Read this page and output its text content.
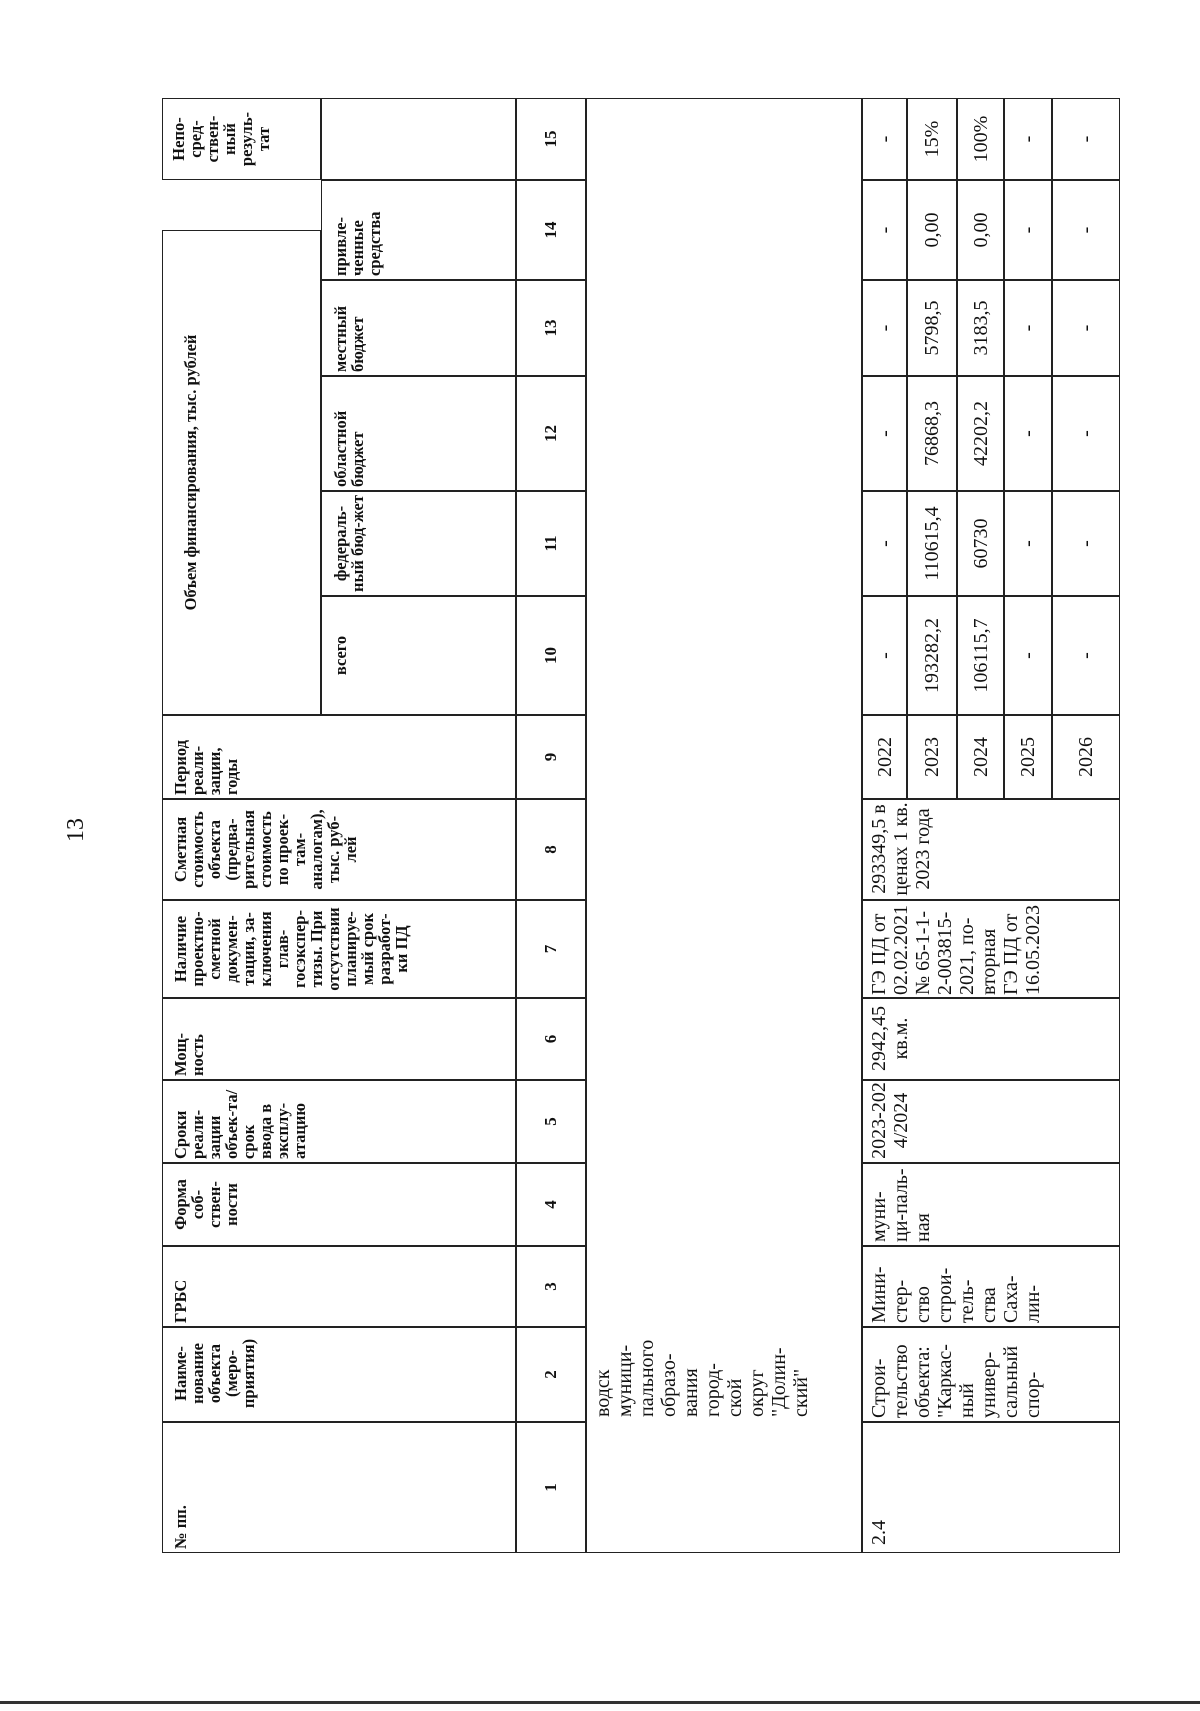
13
№ пп.
Наиме-нование объекта (меро-приятия)
ГРБС
Форма соб-ствен-ности
Сроки реали-зации объек-та/срок ввода в эксплу-атацию
Мощ-ность
Наличие проектно-сметной докумен-тации, за-ключения глав-госэкспер-тизы. При отсутствии планируе-мый срок разработ-ки ПД
Сметная стоимость объекта (предва-рительная стоимость по проек-там-аналогам), тыс. руб-лей
Период реали-зации, годы
Объем финансирования, тыс. рублей
всего
федераль-ный бюд-жет
областной бюджет
местный бюджет
привле-ченные средства
Непо-сред-ствен-ный резуль-тат
1
2
3
4
5
6
7
8
9
10
11
12
13
14
15
водск муници-пального образо-вания город-ской округ "Долин-ский"
2.4
Строи-тельство объекта: "Каркас-ный универ-сальный спор-
Мини-стер-ство строи-тель-ства Саха-лин-
муни-ци-паль-ная
2023-2024/2024
2942,45 кв.м.
ГЭ ПД от 02.02.2021 № 65-1-1-2-003815-2021, по-вторная ГЭ ПД от 16.05.2023
293349,5 в ценах 1 кв. 2023 года
2022
-
-
-
-
-
-
2023
193282,2
110615,4
76868,3
5798,5
0,00
15%
2024
106115,7
60730
42202,2
3183,5
0,00
100%
2025
-
-
-
-
-
-
2026
-
-
-
-
-
-
